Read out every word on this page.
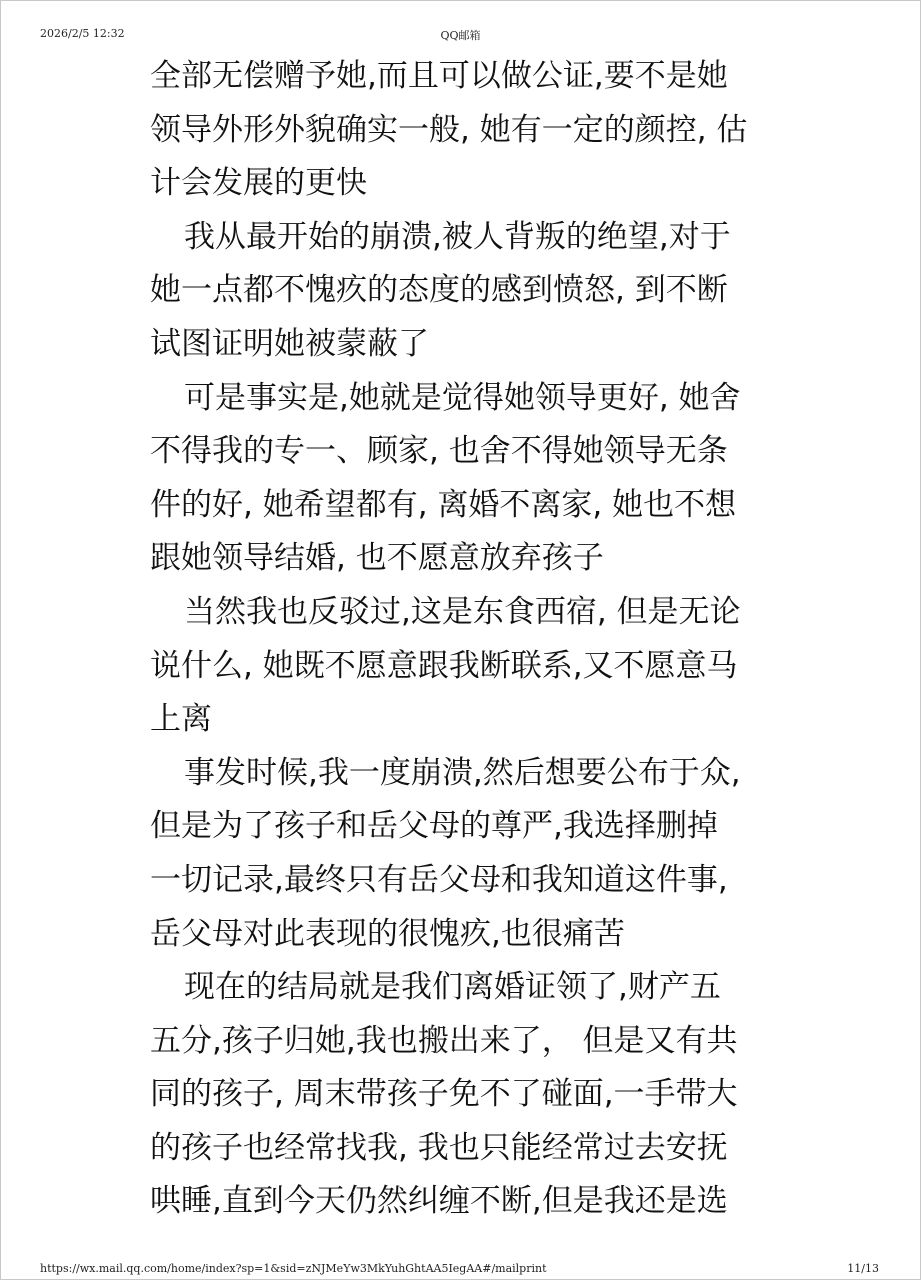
2026/2/5 12:32	QQ邮箱
全部无偿赠予她,而且可以做公证,要不是她
领导外形外貌确实一般, 她有一定的颜控, 估
计会发展的更快
我从最开始的崩溃,被人背叛的绝望,对于
她一点都不愧疚的态度的感到愤怒, 到不断
试图证明她被蒙蔽了
可是事实是,她就是觉得她领导更好, 她舍
不得我的专一、顾家, 也舍不得她领导无条
件的好, 她希望都有, 离婚不离家, 她也不想
跟她领导结婚, 也不愿意放弃孩子
当然我也反驳过,这是东食西宿, 但是无论
说什么, 她既不愿意跟我断联系,又不愿意马
上离
事发时候,我一度崩溃,然后想要公布于众,
但是为了孩子和岳父母的尊严,我选择删掉
一切记录,最终只有岳父母和我知道这件事,
岳父母对此表现的很愧疚,也很痛苦
现在的结局就是我们离婚证领了,财产五
五分,孩子归她,我也搬出来了， 但是又有共
同的孩子, 周末带孩子免不了碰面,一手带大
的孩子也经常找我, 我也只能经常过去安抚
哄睡,直到今天仍然纠缠不断,但是我还是选
https://wx.mail.qq.com/home/index?sp=1&sid=zNJMeYw3MkYuhGhtAA5IegAA#/mailprint	11/13
